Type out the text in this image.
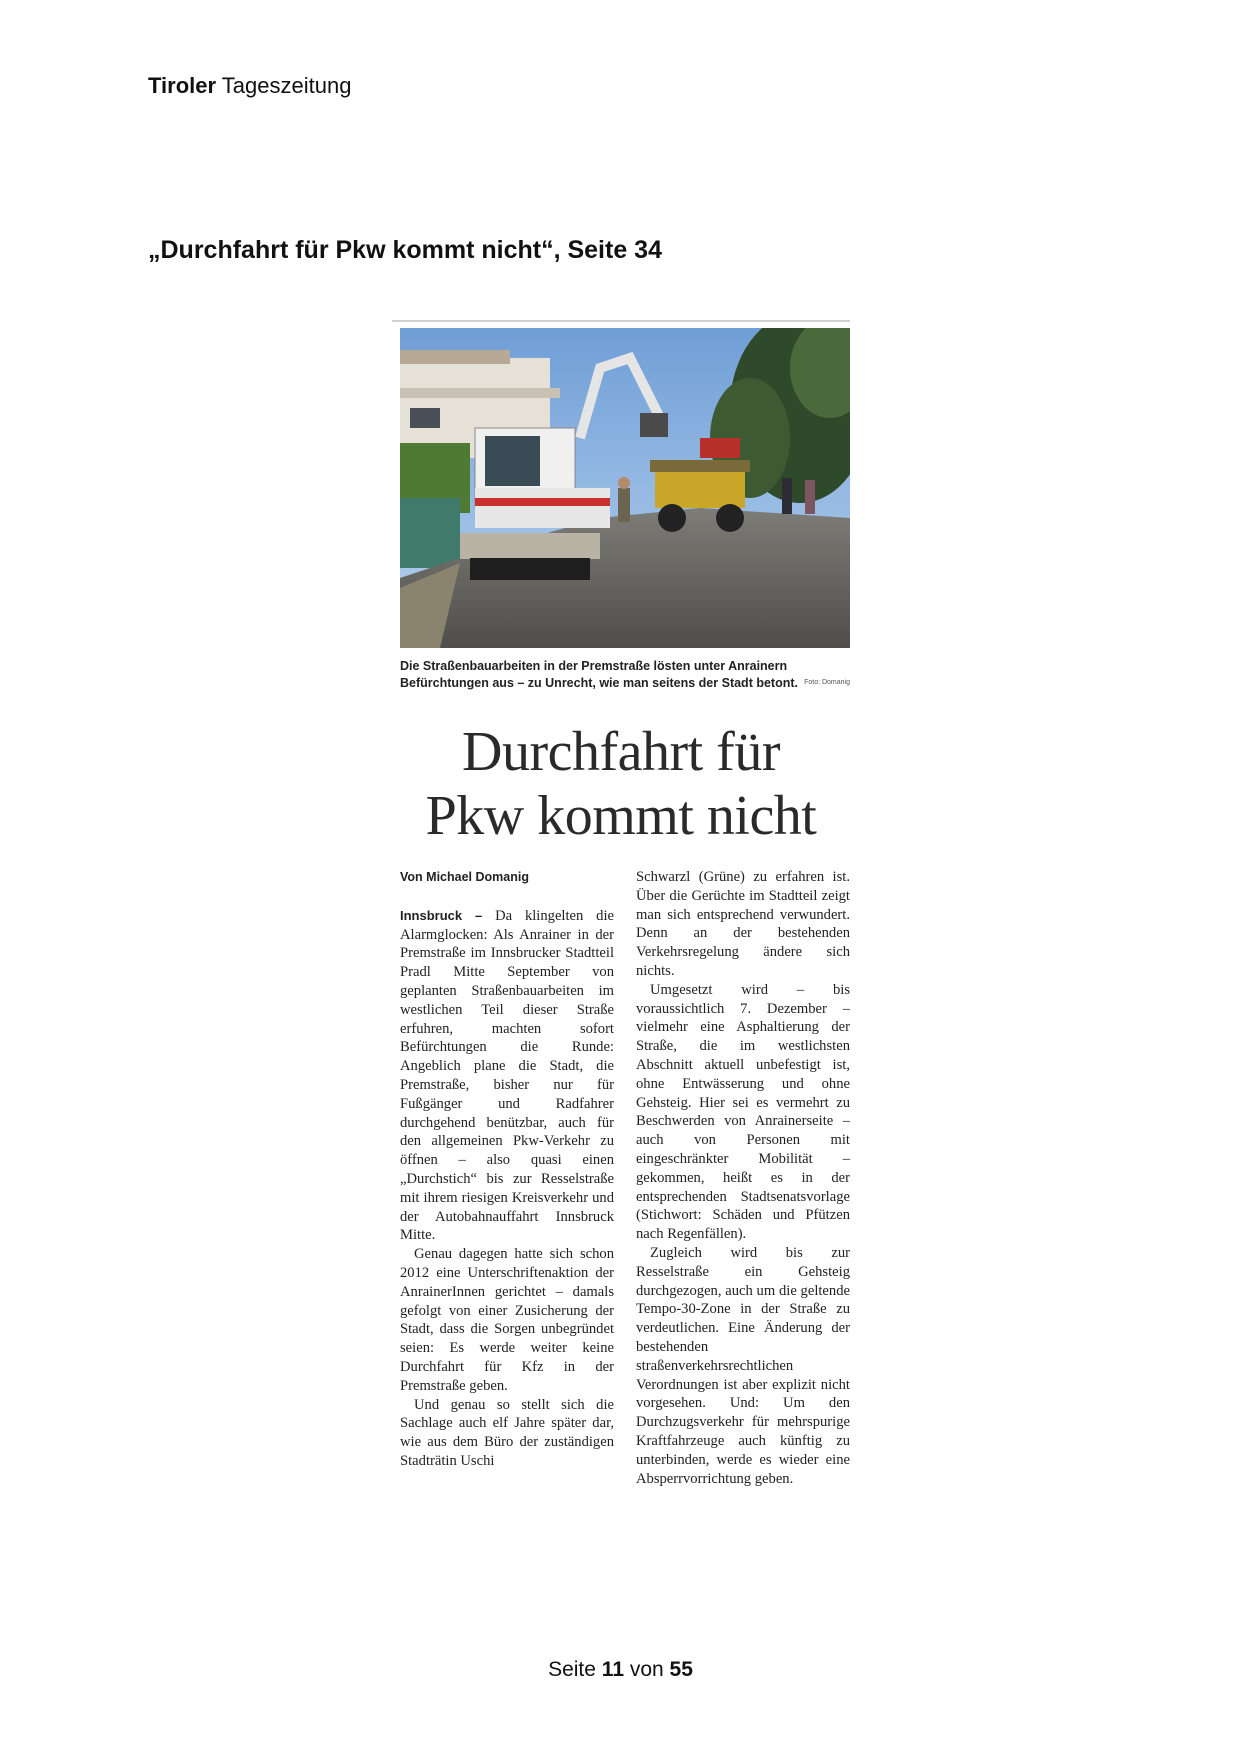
Tiroler Tageszeitung
„Durchfahrt für Pkw kommt nicht“, Seite 34
Die Straßenbauarbeiten in der Premstraße lösten unter Anrainern Befürchtungen aus – zu Unrecht, wie man seitens der Stadt betont. Foto: Domanig
Durchfahrt für
Pkw kommt nicht
Von Michael Domanig

Innsbruck – Da klingelten die Alarmglocken: Als Anrainer in der Premstraße im Innsbrucker Stadtteil Pradl Mitte September von geplanten Straßenbauarbeiten im westlichen Teil dieser Straße erfuhren, machten sofort Befürchtungen die Runde: Angeblich plane die Stadt, die Premstraße, bisher nur für Fußgänger und Radfahrer durchgehend benützbar, auch für den allgemeinen Pkw-Verkehr zu öffnen – also quasi einen „Durchstich“ bis zur Resselstraße mit ihrem riesigen Kreisverkehr und der Autobahnauffahrt Innsbruck Mitte.

Genau dagegen hatte sich schon 2012 eine Unterschriftenaktion der AnrainerInnen gerichtet – damals gefolgt von einer Zusicherung der Stadt, dass die Sorgen unbegründet seien: Es werde weiter keine Durchfahrt für Kfz in der Premstraße geben.

Und genau so stellt sich die Sachlage auch elf Jahre später dar, wie aus dem Büro der zuständigen Stadträtin Uschi

Schwarzl (Grüne) zu erfahren ist. Über die Gerüchte im Stadtteil zeigt man sich entsprechend verwundert. Denn an der bestehenden Verkehrsregelung ändere sich nichts.

Umgesetzt wird – bis voraussichtlich 7. Dezember – vielmehr eine Asphaltierung der Straße, die im westlichsten Abschnitt aktuell unbefestigt ist, ohne Entwässerung und ohne Gehsteig. Hier sei es vermehrt zu Beschwerden von Anrainerseite – auch von Personen mit eingeschränkter Mobilität – gekommen, heißt es in der entsprechenden Stadtsenatsvorlage (Stichwort: Schäden und Pfützen nach Regenfällen).

Zugleich wird bis zur Resselstraße ein Gehsteig durchgezogen, auch um die geltende Tempo-30-Zone in der Straße zu verdeutlichen. Eine Änderung der bestehenden straßenverkehrsrechtlichen Verordnungen ist aber explizit nicht vorgesehen. Und: Um den Durchzugsverkehr für mehrspurige Kraftfahrzeuge auch künftig zu unterbinden, werde es wieder eine Absperrvorrichtung geben.

Seite 11 von 55
